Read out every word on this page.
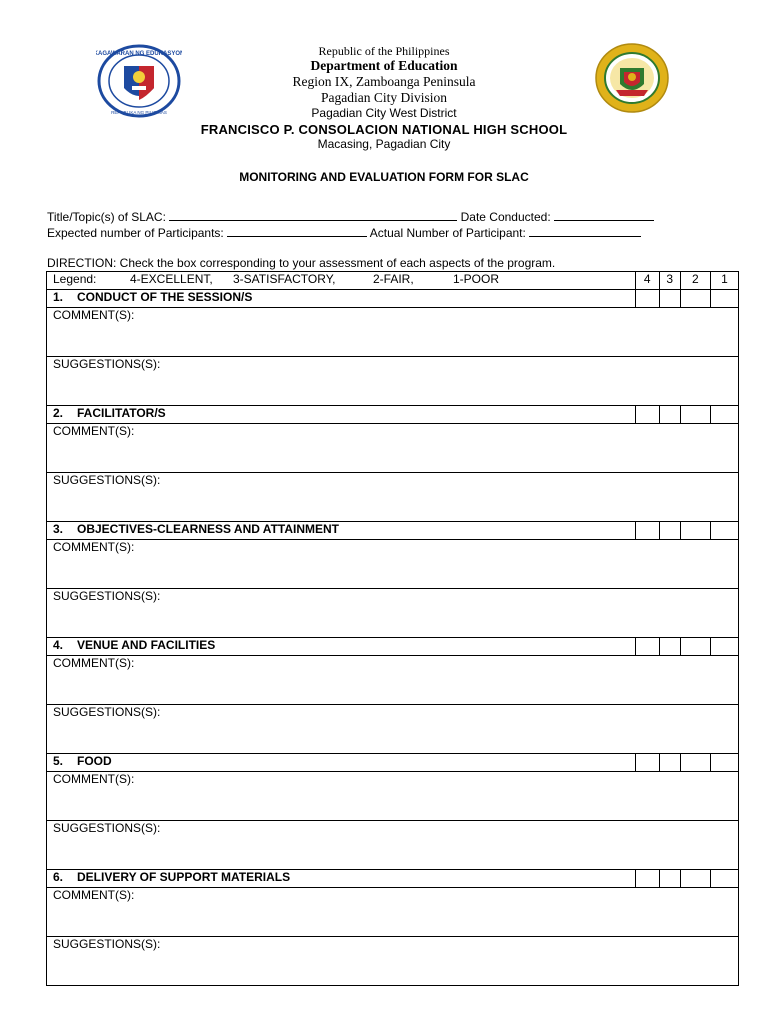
KAGAWARAN NG EDUKASYON
REPUBLIKA NG PILIPINAS
Republic of the Philippines
Department of Education
Region IX, Zamboanga Peninsula
Pagadian City Division
Pagadian City West District
FRANCISCO P. CONSOLACION NATIONAL HIGH SCHOOL
Macasing, Pagadian City
MONITORING AND EVALUATION FORM FOR SLAC
Title/Topic(s) of SLAC:	Date Conducted:
Expected number of Participants:	Actual Number of Participant:
DIRECTION: Check the box corresponding to your assessment of each aspects of the program.
Legend: 4-EXCELLENT, 3-SATISFACTORY, 2-FAIR, 1-POOR	4	3	2	1
1. CONDUCT OF THE SESSION/S				
COMMENT(S):				
SUGGESTIONS(S):				
2. FACILITATOR/S				
COMMENT(S):				
SUGGESTIONS(S):				
3. OBJECTIVES-CLEARNESS AND ATTAINMENT				
COMMENT(S):				
SUGGESTIONS(S):				
4. VENUE AND FACILITIES				
COMMENT(S):				
SUGGESTIONS(S):				
5. FOOD				
COMMENT(S):				
SUGGESTIONS(S):				
6. DELIVERY OF SUPPORT MATERIALS				
COMMENT(S):				
SUGGESTIONS(S):				
